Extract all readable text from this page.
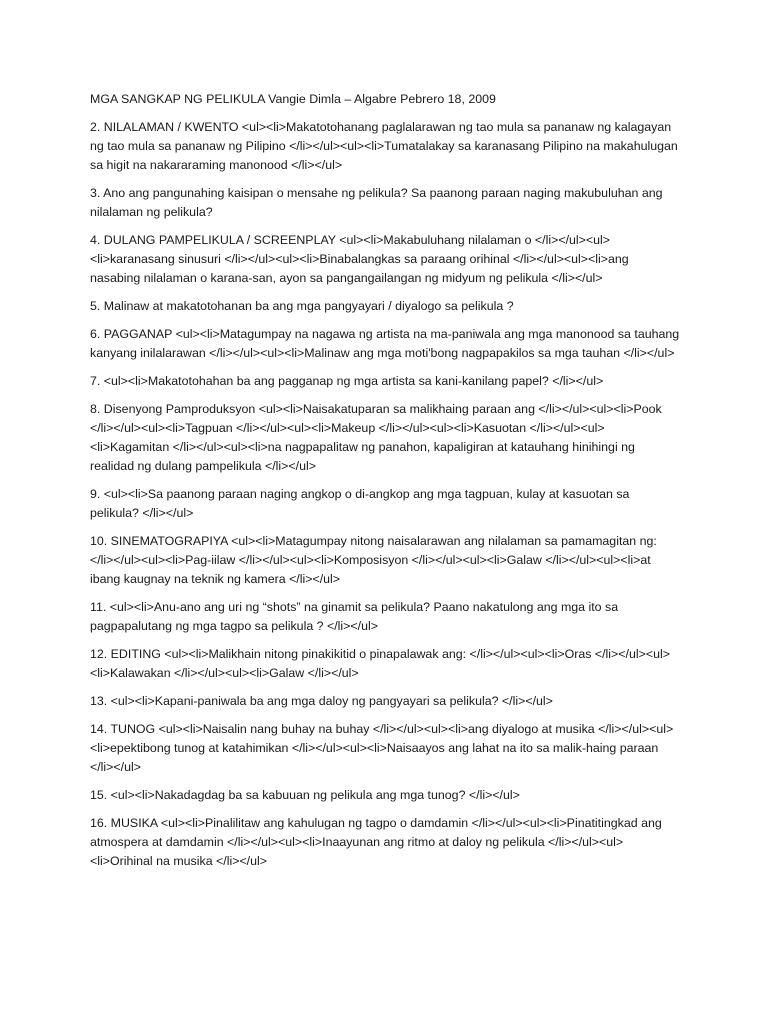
MGA SANGKAP NG PELIKULA Vangie Dimla – Algabre Pebrero 18, 2009

2. NILALAMAN / KWENTO <ul><li>Makatotohanang paglalarawan ng tao mula sa pananaw ng kalagayan ng tao mula sa pananaw ng Pilipino </li></ul><ul><li>Tumatalakay sa karanasang Pilipino na makahulugan sa higit na nakararaming manonood </li></ul>

3. Ano ang pangunahing kaisipan o mensahe ng pelikula? Sa paanong paraan naging makubuluhan ang nilalaman ng pelikula?

4. DULANG PAMPELIKULA / SCREENPLAY <ul><li>Makabuluhang nilalaman o </li></ul><ul><li>karanasang sinusuri </li></ul><ul><li>Binabalangkas sa paraang orihinal </li></ul><ul><li>ang nasabing nilalaman o karana-san, ayon sa pangangailangan ng midyum ng pelikula </li></ul>

5. Malinaw at makatotohanan ba ang mga pangyayari / diyalogo sa pelikula ?

6. PAGGANAP <ul><li>Matagumpay na nagawa ng artista na ma-paniwala ang mga manonood sa tauhang kanyang inilalarawan </li></ul><ul><li>Malinaw ang mga moti'bong nagpapakilos sa mga tauhan </li></ul>

7. <ul><li>Makatotohahan ba ang pagganap ng mga artista sa kani-kanilang papel? </li></ul>

8. Disenyong Pamproduksyon <ul><li>Naisakatuparan sa malikhaing paraan ang </li></ul><ul><li>Pook </li></ul><ul><li>Tagpuan </li></ul><ul><li>Makeup </li></ul><ul><li>Kasuotan </li></ul><ul><li>Kagamitan </li></ul><ul><li>na nagpapalitaw ng panahon, kapaligiran at katauhang hinihingi ng realidad ng dulang pampelikula </li></ul>

9. <ul><li>Sa paanong paraan naging angkop o di-angkop ang mga tagpuan, kulay at kasuotan sa pelikula? </li></ul>

10. SINEMATOGRAPIYA <ul><li>Matagumpay nitong naisalarawan ang nilalaman sa pamamagitan ng: </li></ul><ul><li>Pag-iilaw </li></ul><ul><li>Komposisyon </li></ul><ul><li>Galaw </li></ul><ul><li>at ibang kaugnay na teknik ng kamera </li></ul>

11. <ul><li>Anu-ano ang uri ng “shots” na ginamit sa pelikula? Paano nakatulong ang mga ito sa pagpapalutang ng mga tagpo sa pelikula ? </li></ul>

12. EDITING <ul><li>Malikhain nitong pinakikitid o pinapalawak ang: </li></ul><ul><li>Oras </li></ul><ul><li>Kalawakan </li></ul><ul><li>Galaw </li></ul>

13. <ul><li>Kapani-paniwala ba ang mga daloy ng pangyayari sa pelikula? </li></ul>

14. TUNOG <ul><li>Naisalin nang buhay na buhay </li></ul><ul><li>ang diyalogo at musika </li></ul><ul><li>epektibong tunog at katahimikan </li></ul><ul><li>Naisaayos ang lahat na ito sa malik-haing paraan </li></ul>

15. <ul><li>Nakadagdag ba sa kabuuan ng pelikula ang mga tunog? </li></ul>

16. MUSIKA <ul><li>Pinalilitaw ang kahulugan ng tagpo o damdamin </li></ul><ul><li>Pinatitingkad ang atmospera at damdamin </li></ul><ul><li>Inaayunan ang ritmo at daloy ng pelikula </li></ul><ul><li>Orihinal na musika </li></ul>
